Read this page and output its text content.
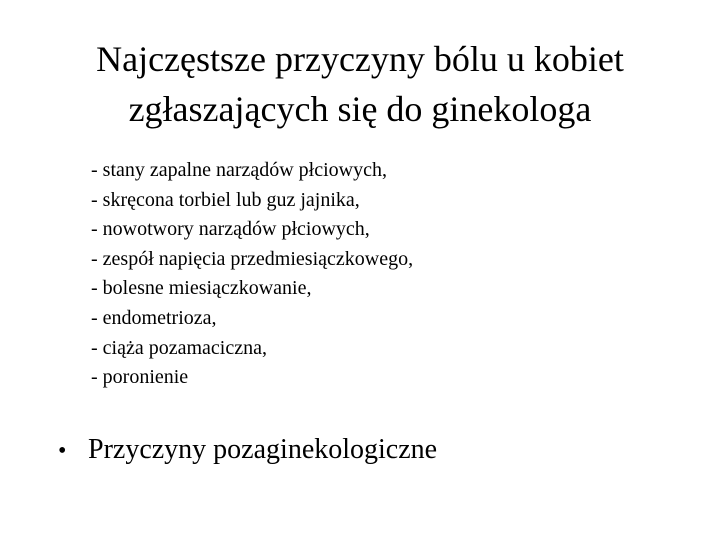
Najczęstsze przyczyny bólu u kobiet
zgłaszających się do ginekologa
- stany zapalne narządów płciowych,
- skręcona torbiel lub guz jajnika,
- nowotwory narządów płciowych,
- zespół napięcia przedmiesiączkowego,
- bolesne miesiączkowanie,
- endometrioza,
- ciąża pozamaciczna,
- poronienie
• Przyczyny pozaginekologiczne
